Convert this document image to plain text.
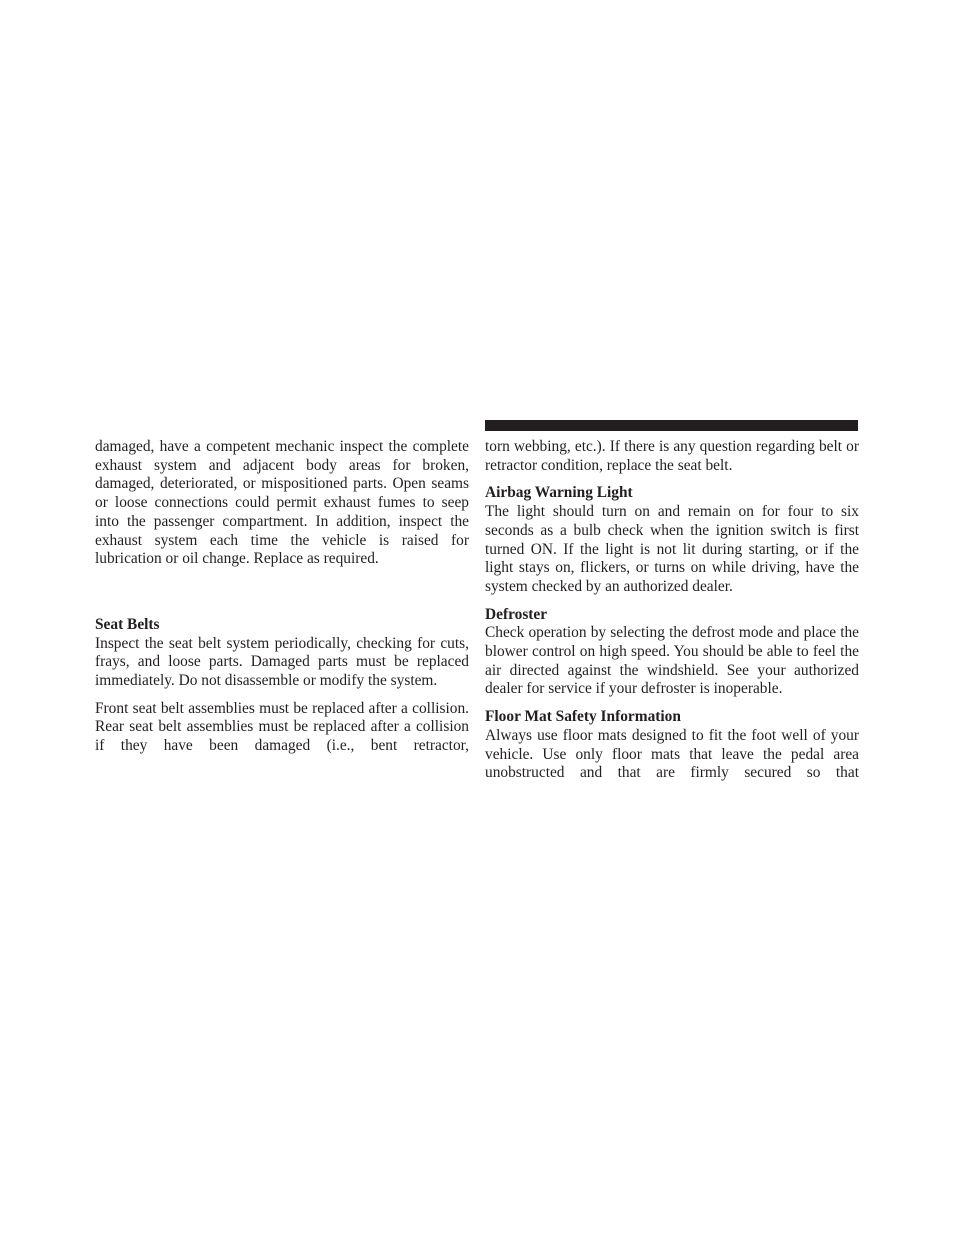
damaged, have a competent mechanic inspect the complete exhaust system and adjacent body areas for broken, damaged, deteriorated, or mispositioned parts. Open seams or loose connections could permit exhaust fumes to seep into the passenger compartment. In addition, inspect the exhaust system each time the vehicle is raised for lubrication or oil change. Replace as required.

Seat Belts

Inspect the seat belt system periodically, checking for cuts, frays, and loose parts. Damaged parts must be replaced immediately. Do not disassemble or modify the system.

Front seat belt assemblies must be replaced after a collision. Rear seat belt assemblies must be replaced after a collision if they have been damaged (i.e., bent retractor,

torn webbing, etc.). If there is any question regarding belt or retractor condition, replace the seat belt.

Airbag Warning Light

The light should turn on and remain on for four to six seconds as a bulb check when the ignition switch is first turned ON. If the light is not lit during starting, or if the light stays on, flickers, or turns on while driving, have the system checked by an authorized dealer.

Defroster

Check operation by selecting the defrost mode and place the blower control on high speed. You should be able to feel the air directed against the windshield. See your authorized dealer for service if your defroster is inoperable.

Floor Mat Safety Information

Always use floor mats designed to fit the foot well of your vehicle. Use only floor mats that leave the pedal area unobstructed and that are firmly secured so that
